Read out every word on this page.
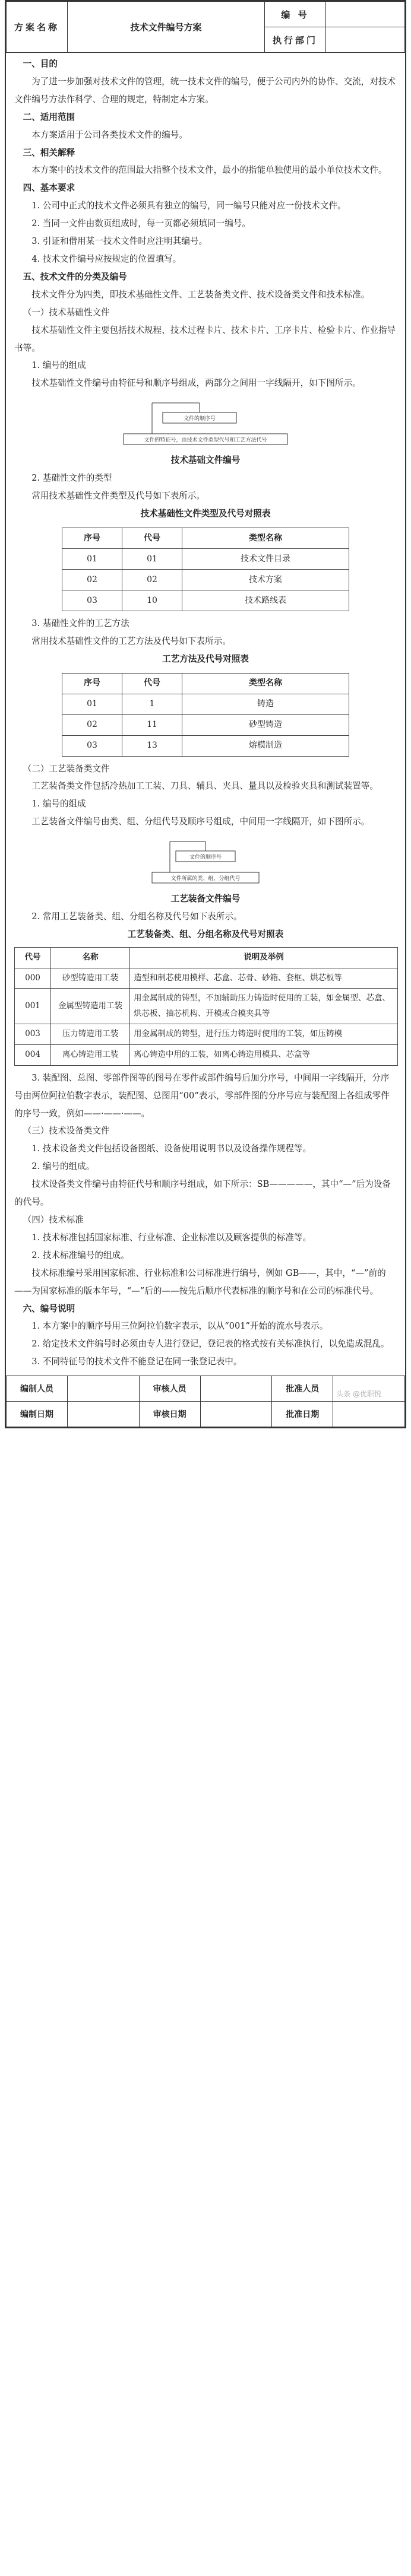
方案名称	技术文件编号方案	编 号	
		执行部门	

一、目的

为了进一步加强对技术文件的管理，统一技术文件的编号，便于公司内外的协作、交流，对技术文件编号方法作科学、合理的规定，特制定本方案。

二、适用范围

本方案适用于公司各类技术文件的编号。

三、相关解释

本方案中的技术文件的范围最大指整个技术文件，最小的指能单独使用的最小单位技术文件。

四、基本要求

1. 公司中正式的技术文件必须具有独立的编号，同一编号只能对应一份技术文件。

2. 当同一文件由数页组成时，每一页都必须填同一编号。

3. 引证和借用某一技术文件时应注明其编号。

4. 技术文件编号应按规定的位置填写。

五、技术文件的分类及编号

技术文件分为四类，即技术基础性文件、工艺装备类文件、技术设备类文件和技术标准。

（一）技术基础性文件

技术基础性文件主要包括技术规程、技术过程卡片、技术卡片、工序卡片、检验卡片、作业指导书等。

1. 编号的组成

技术基础性文件编号由特征号和顺序号组成，两部分之间用一字线隔开，如下图所示。

文件的顺序号
文件的特征号，由技术文件类型代号和工艺方法代号

技术基础文件编号

2. 基础性文件的类型

常用技术基础性文件类型及代号如下表所示。

技术基础性文件类型及代号对照表

序号	代号	类型名称
01	01	技术文件目录
02	02	技术方案
03	10	技术路线表

3. 基础性文件的工艺方法

常用技术基础性文件的工艺方法及代号如下表所示。

工艺方法及代号对照表

序号	代号	类型名称
01	1	铸造
02	11	砂型铸造
03	13	熔模制造

（二）工艺装备类文件

工艺装备类文件包括冷热加工工装、刀具、辅具、夹具、量具以及检验夹具和测试装置等。

1. 编号的组成

工艺装备文件编号由类、组、分组代号及顺序号组成，中间用一字线隔开，如下图所示。

文件的顺序号
文件所属的类、组、分组代号

工艺装备文件编号

2. 常用工艺装备类、组、分组名称及代号如下表所示。

工艺装备类、组、分组名称及代号对照表

代号	名称	说明及举例
000	砂型铸造用工装	造型和制芯使用模样、芯盒、芯骨、砂箱、套框、烘芯板等
001	金属型铸造用工装	用金属制成的铸型，不加辅助压力铸造时使用的工装，如金属型、芯盒、烘芯板、抽芯机构、开模或合模夹具等
003	压力铸造用工装	用金属制成的铸型，进行压力铸造时使用的工装，如压铸模
004	离心铸造用工装	离心铸造中用的工装，如离心铸造用模具、芯盒等

3. 装配图、总图、零部件图等的图号在零件或部件编号后加分序号，中间用一字线隔开，分序号由两位阿拉伯数字表示，装配图、总图用“00”表示，零部件图的分序号应与装配图上各组成零件的序号一致，例如——·——·——。

（三）技术设备类文件

1. 技术设备类文件包括设备图纸、设备使用说明书以及设备操作规程等。

2. 编号的组成。

技术设备类文件编号由特征代号和顺序号组成，如下所示：SB—————，其中“—”后为设备的代号。

（四）技术标准

1. 技术标准包括国家标准、行业标准、企业标准以及顾客提供的标准等。

2. 技术标准编号的组成。

技术标准编号采用国家标准、行业标准和公司标准进行编号，例如 GB——，其中，“—”前的——为国家标准的版本年号，“—”后的——按先后顺序代表标准的顺序号和在公司的标准代号。

六、编号说明

1. 本方案中的顺序号用三位阿拉伯数字表示，以从“001”开始的流水号表示。

2. 给定技术文件编号时必须由专人进行登记，登记表的格式按有关标准执行，以免造成混乱。

3. 不同特征号的技术文件不能登记在同一张登记表中。

编制人员		审核人员		批准人员	
编制日期		审核日期		批准日期	
头条 @优职悦
